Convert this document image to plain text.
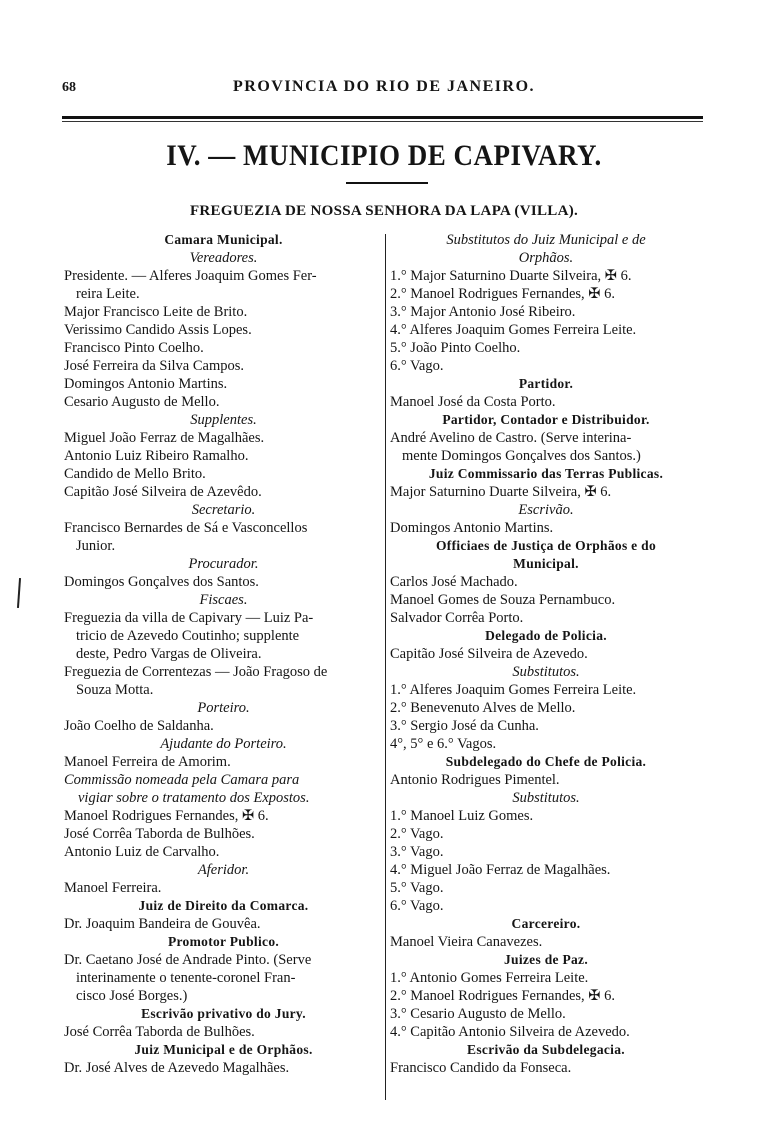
68	PROVINCIA DO RIO DE JANEIRO.
IV. — MUNICIPIO DE CAPIVARY.
FREGUEZIA DE NOSSA SENHORA DA LAPA (VILLA).
Camara Municipal.
Vereadores.
Presidente. — Alferes Joaquim Gomes Fer-
reira Leite.
Major Francisco Leite de Brito.
Verissimo Candido Assis Lopes.
Francisco Pinto Coelho.
José Ferreira da Silva Campos.
Domingos Antonio Martins.
Cesario Augusto de Mello.
Supplentes.
Miguel João Ferraz de Magalhães.
Antonio Luiz Ribeiro Ramalho.
Candido de Mello Brito.
Capitão José Silveira de Azevêdo.
Secretario.
Francisco Bernardes de Sá e Vasconcellos
Junior.
Procurador.
Domingos Gonçalves dos Santos.
Fiscaes.
Freguezia da villa de Capivary — Luiz Pa-
tricio de Azevedo Coutinho; supplente
deste, Pedro Vargas de Oliveira.
Freguezia de Correntezas — João Fragoso de
Souza Motta.
Porteiro.
João Coelho de Saldanha.
Ajudante do Porteiro.
Manoel Ferreira de Amorim.
Commissão nomeada pela Camara para
vigiar sobre o tratamento dos Expostos.
Manoel Rodrigues Fernandes, ✠ 6.
José Corrêa Taborda de Bulhões.
Antonio Luiz de Carvalho.
Aferidor.
Manoel Ferreira.
Juiz de Direito da Comarca.
Dr. Joaquim Bandeira de Gouvêa.
Promotor Publico.
Dr. Caetano José de Andrade Pinto. (Serve
interinamente o tenente-coronel Fran-
cisco José Borges.)
Escrivão privativo do Jury.
José Corrêa Taborda de Bulhões.
Juiz Municipal e de Orphãos.
Dr. José Alves de Azevedo Magalhães.
Substitutos do Juiz Municipal e de
Orphãos.
1.° Major Saturnino Duarte Silveira, ✠ 6.
2.° Manoel Rodrigues Fernandes, ✠ 6.
3.° Major Antonio José Ribeiro.
4.° Alferes Joaquim Gomes Ferreira Leite.
5.° João Pinto Coelho.
6.° Vago.
Partidor.
Manoel José da Costa Porto.
Partidor, Contador e Distribuidor.
André Avelino de Castro. (Serve interina-
mente Domingos Gonçalves dos Santos.)
Juiz Commissario das Terras Publicas.
Major Saturnino Duarte Silveira, ✠ 6.
Escrivão.
Domingos Antonio Martins.
Officiaes de Justiça de Orphãos e do
Municipal.
Carlos José Machado.
Manoel Gomes de Souza Pernambuco.
Salvador Corrêa Porto.
Delegado de Policia.
Capitão José Silveira de Azevedo.
Substitutos.
1.° Alferes Joaquim Gomes Ferreira Leite.
2.° Benevenuto Alves de Mello.
3.° Sergio José da Cunha.
4°, 5° e 6.° Vagos.
Subdelegado do Chefe de Policia.
Antonio Rodrigues Pimentel.
Substitutos.
1.° Manoel Luiz Gomes.
2.° Vago.
3.° Vago.
4.° Miguel João Ferraz de Magalhães.
5.° Vago.
6.° Vago.
Carcereiro.
Manoel Vieira Canavezes.
Juizes de Paz.
1.° Antonio Gomes Ferreira Leite.
2.° Manoel Rodrigues Fernandes, ✠ 6.
3.° Cesario Augusto de Mello.
4.° Capitão Antonio Silveira de Azevedo.
Escrivão da Subdelegacia.
Francisco Candido da Fonseca.
